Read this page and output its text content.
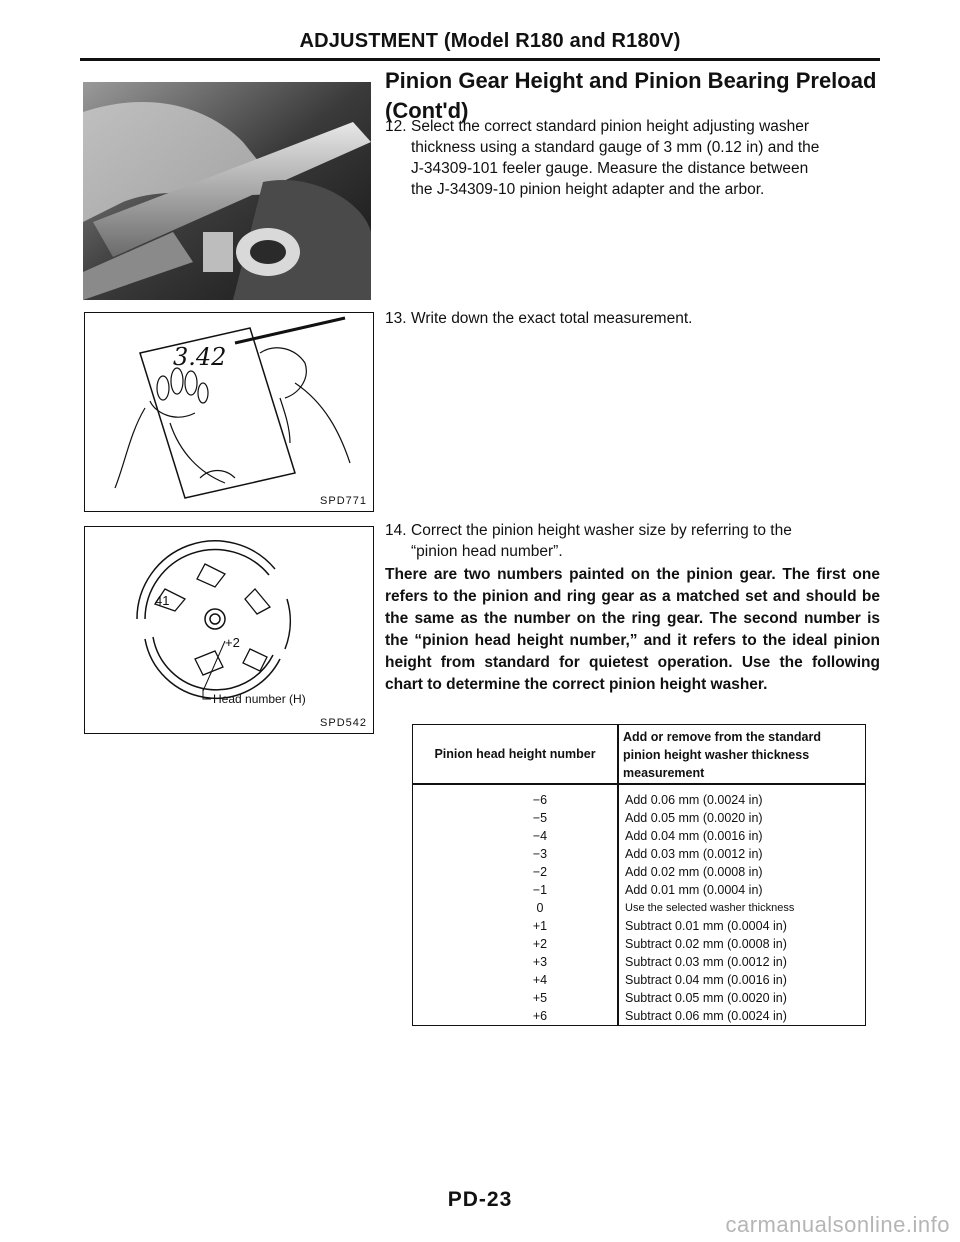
ADJUSTMENT (Model R180 and R180V)
Pinion Gear Height and Pinion Bearing Preload
(Cont'd)
12. Select the correct standard pinion height adjusting washer

thickness using a standard gauge of 3 mm (0.12 in) and the

J-34309-101 feeler gauge. Measure the distance between

the J-34309-10 pinion height adapter and the arbor.

13. Write down the exact total measurement.
14. Correct the pinion height washer size by referring to the

“pinion head number”.

There are two numbers painted on the pinion gear. The first one refers to the pinion and ring gear as a matched set and should be the same as the number on the ring gear. The second number is the “pinion head height number,” and it refers to the ideal pinion height from standard for quietest operation. Use the following chart to determine the correct pinion height washer.
3.42
SPD771
41
+2
Head number (H)
SPD542
Pinion head height number
Add or remove from the standard
pinion height washer thickness
measurement
−6	Add 0.06 mm (0.0024 in)
−5	Add 0.05 mm (0.0020 in)
−4	Add 0.04 mm (0.0016 in)
−3	Add 0.03 mm (0.0012 in)
−2	Add 0.02 mm (0.0008 in)
−1	Add 0.01 mm (0.0004 in)
0	Use the selected washer thickness
+1	Subtract 0.01 mm (0.0004 in)
+2	Subtract 0.02 mm (0.0008 in)
+3	Subtract 0.03 mm (0.0012 in)
+4	Subtract 0.04 mm (0.0016 in)
+5	Subtract 0.05 mm (0.0020 in)
+6	Subtract 0.06 mm (0.0024 in)
PD-23
carmanualsonline.info
